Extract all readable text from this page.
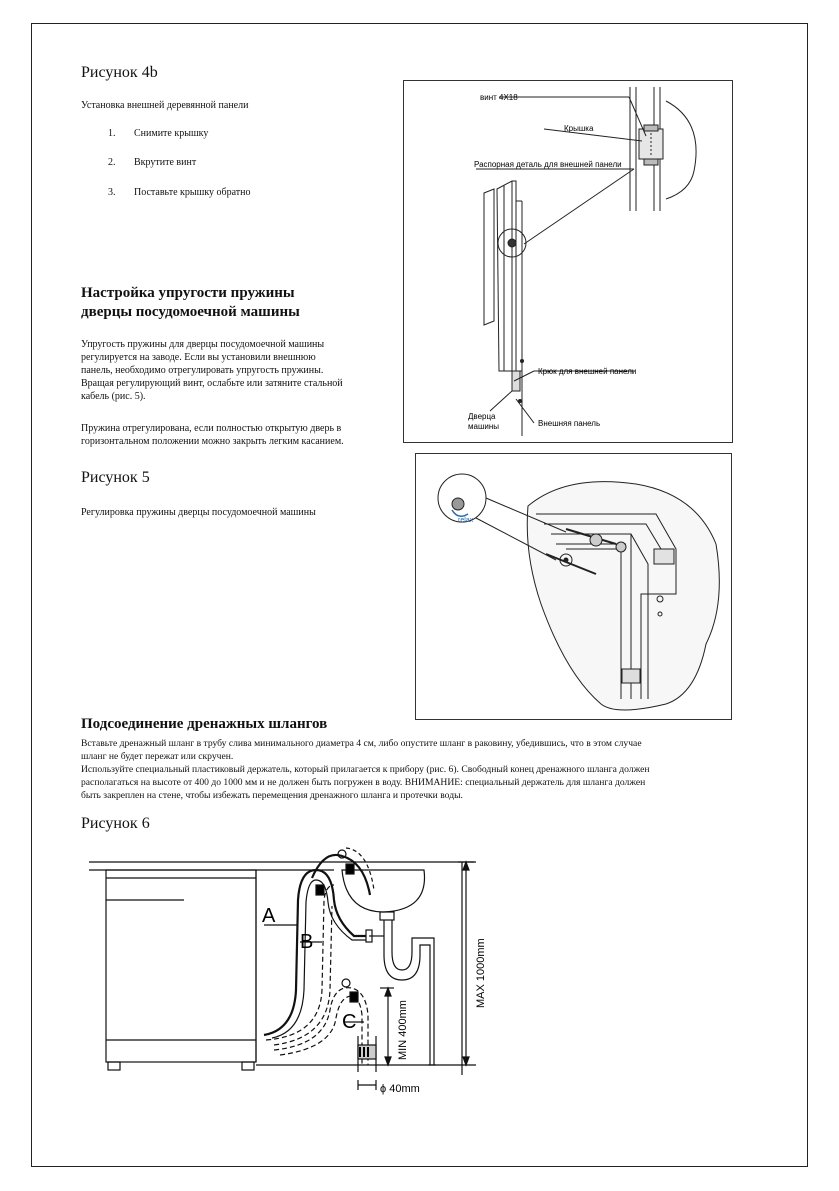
Рисунок 4b
Установка внешней деревянной панели
1. Снимите крышку
2. Вкрутите винт
3. Поставьте крышку обратно
винт 4X18
Крышка
Распорная деталь для внешней панели
Крюк для внешней панели
Дверца
машины	Внешняя панель
Настройка упругости пружины
дверцы посудомоечной машины
Упругость пружины для дверцы посудомоечной машины
регулируется на заводе. Если вы установили внешнюю
панель, необходимо отрегулировать упругость пружины.
Вращая регулирующий винт, ослабьте или затяните стальной
кабель (рис. 5).
Пружина отрегулирована, если полностью открытую дверь в
горизонтальном положении можно закрыть легким касанием.
Рисунок 5
Регулировка пружины дверцы посудомоечной машины
relax
Подсоединение дренажных шлангов
Вставьте дренажный шланг в трубу слива минимального диаметра 4 см, либо опустите шланг в раковину, убедившись, что в этом случае
шланг не будет пережат или скручен.
Используйте специальный пластиковый держатель, который прилагается к прибору (рис. 6). Свободный конец дренажного шланга должен
располагаться на высоте от 400 до 1000 мм и не должен быть погружен в воду. ВНИМАНИЕ: специальный держатель для шланга должен
быть закреплен на стене, чтобы избежать перемещения дренажного шланга и протечки воды.
Рисунок 6
A
B
C
MAX 1000mm
MIN 400mm
ϕ 40mm
